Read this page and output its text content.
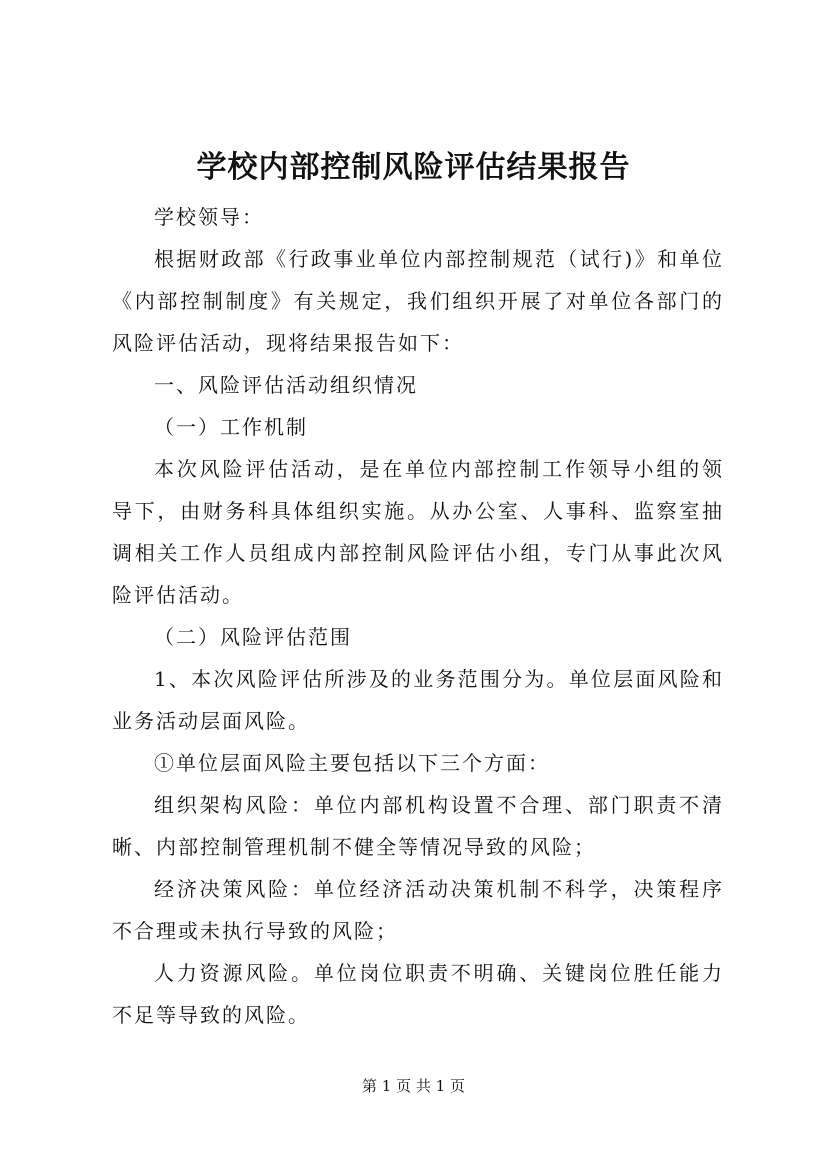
学校内部控制风险评估结果报告

学校领导：

根据财政部《行政事业单位内部控制规范（试行)》和单位《内部控制制度》有关规定，我们组织开展了对单位各部门的风险评估活动，现将结果报告如下：

一、风险评估活动组织情况

（一）工作机制

本次风险评估活动，是在单位内部控制工作领导小组的领导下，由财务科具体组织实施。从办公室、人事科、监察室抽调相关工作人员组成内部控制风险评估小组，专门从事此次风险评估活动。

（二）风险评估范围

1、本次风险评估所涉及的业务范围分为。单位层面风险和业务活动层面风险。

①单位层面风险主要包括以下三个方面：

组织架构风险：单位内部机构设置不合理、部门职责不清晰、内部控制管理机制不健全等情况导致的风险；

经济决策风险：单位经济活动决策机制不科学，决策程序不合理或未执行导致的风险；

人力资源风险。单位岗位职责不明确、关键岗位胜任能力不足等导致的风险。

第 1 页 共 1 页
